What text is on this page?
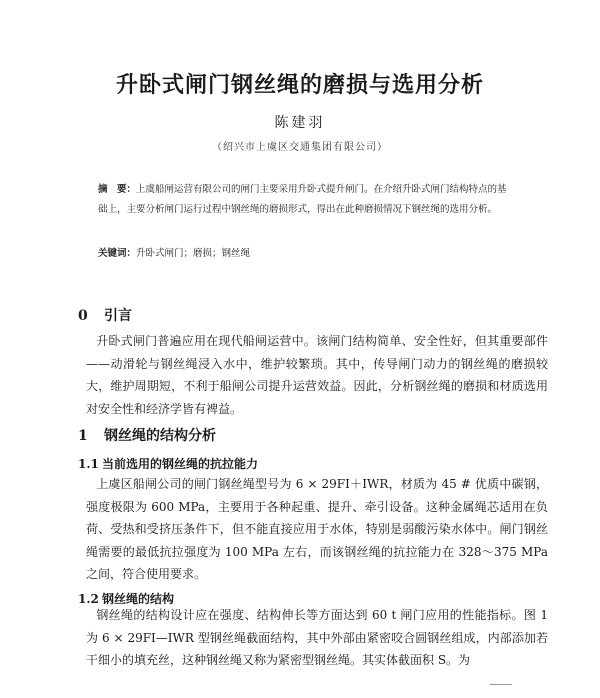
升卧式闸门钢丝绳的磨损与选用分析
陈建羽
（绍兴市上虞区交通集团有限公司）
摘　要：上虞船闸运营有限公司的闸门主要采用升卧式提升闸门。在介绍升卧式闸门结构特点的基础上，主要分析闸门运行过程中钢丝绳的磨损形式，得出在此种磨损情况下钢丝绳的选用分析。
关键词：升卧式闸门；磨损；钢丝绳
0 引言
升卧式闸门普遍应用在现代船闸运营中。该闸门结构简单、安全性好，但其重要部件——动滑轮与钢丝绳浸入水中，维护较繁琐。其中，传导闸门动力的钢丝绳的磨损较大，维护周期短，不利于船闸公司提升运营效益。因此，分析钢丝绳的磨损和材质选用对安全性和经济学皆有裨益。
1 钢丝绳的结构分析
1.1 当前选用的钢丝绳的抗拉能力
上虞区船闸公司的闸门钢丝绳型号为 6 × 29FI＋IWR，材质为 45 # 优质中碳钢，强度极限为 600 MPa，主要用于各种起重、提升、牵引设备。这种金属绳芯适用在负荷、受热和受挤压条件下，但不能直接应用于水体，特别是弱酸污染水体中。闸门钢丝绳需要的最低抗拉强度为 100 MPa 左右，而该钢丝绳的抗拉能力在 328～375 MPa 之间，符合使用要求。
1.2 钢丝绳的结构
钢丝绳的结构设计应在强度、结构伸长等方面达到 60 t 闸门应用的性能指标。图 1 为 6 × 29FI—IWR 型钢丝绳截面结构，其中外部由紧密咬合圆钢丝组成，内部添加若干细小的填充丝，这种钢丝绳又称为紧密型钢丝绳。其实体截面积 S。为
